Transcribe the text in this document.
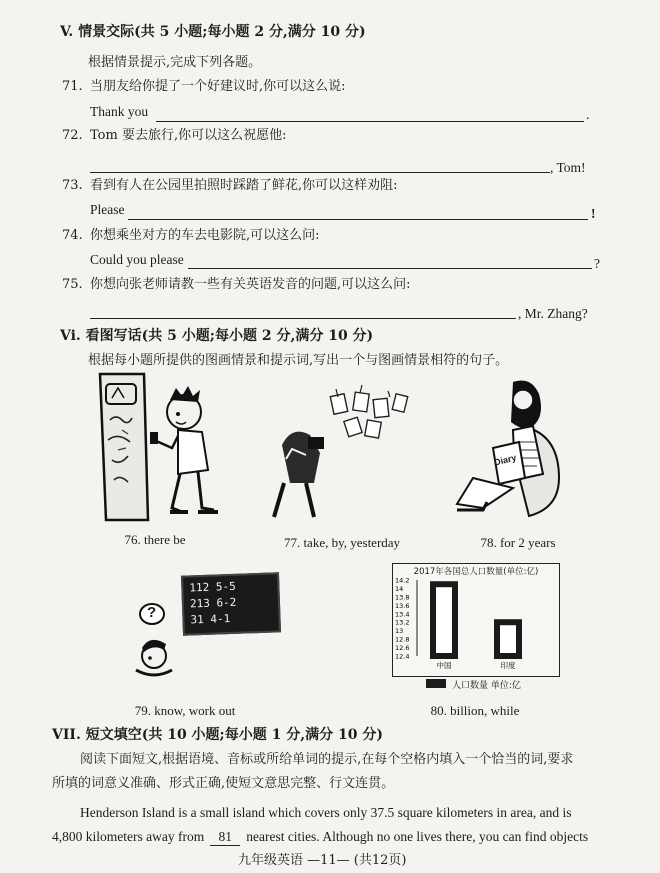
V. 情景交际(共 5 小题;每小题 2 分,满分 10 分)
根据情景提示,完成下列各题。
71. 当朋友给你提了一个好建议时,你可以这么说:
Thank you	.
72. Tom 要去旅行,你可以这么祝愿他:
, Tom!
73. 看到有人在公园里拍照时踩踏了鲜花,你可以这样劝阻:
Please	!
74. 你想乘坐对方的车去电影院,可以这么问:
Could you please	?
75. 你想向张老师请教一些有关英语发音的问题,可以这么问:
, Mr. Zhang?
Vi. 看图写话(共 5 小题;每小题 2 分,满分 10 分)
根据每小题所提供的图画情景和提示词,写出一个与图画情景相符的句子。
Diary
76. there be	77. take, by, yesterday	78. for 2 years
112 5-5
213 6-2
31 4-1
?
2017年各国总人口数量(单位:亿)
14.2
14
13.8
13.6
13.4
13.2
13
12.8
12.6
12.4
中国	印度
人口数量 单位:亿
79. know, work out	80. billion, while
VII. 短文填空(共 10 小题;每小题 1 分,满分 10 分)
阅读下面短文,根据语境、音标或所给单词的提示,在每个空格内填入一个恰当的词,要求
所填的词意义准确、形式正确,使短文意思完整、行文连贯。
Henderson Island is a small island which covers only 37.5 square kilometers in area, and is
4,800 kilometers away from 81 nearest cities. Although no one lives there, you can find objects
九年级英语 —11— (共12页)
